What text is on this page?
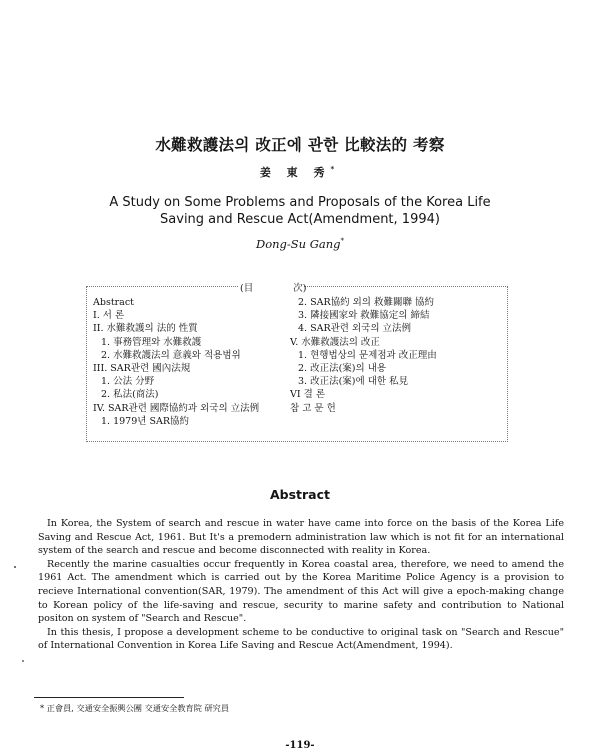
水難救護法의 改正에 관한 比較法的 考察
姜 東 秀*
A Study on Some Problems and Proposals of the Korea Life
Saving and Rescue Act(Amendment, 1994)
Dong-Su Gang*
(目	次)
Abstract
I. 서 론
II. 水難救護의 法的 性質
1. 事務管理와 水難救護
2. 水難救護法의 意義와 적용범위
III. SAR관련 國內法規
1. 公法 分野
2. 私法(商法)
IV. SAR관련 國際協約과 외국의 立法例
1. 1979년 SAR協約
2. SAR協約 외의 救難關聯 協約
3. 隣接國家와 救難協定의 締結
4. SAR관련 외국의 立法例
V. 水難救護法의 改正
1. 현행법상의 문제점과 改正理由
2. 改正法(案)의 내용
3. 改正法(案)에 대한 私見
VI 결 론
참 고 문 헌
Abstract

In Korea, the System of search and rescue in water have came into force on the basis of the Korea Life Saving and Rescue Act, 1961. But It's a premodern administration law which is not fit for an international system of the search and rescue and become disconnected with reality in Korea.

Recently the marine casualties occur frequently in Korea coastal area, therefore, we need to amend the 1961 Act. The amendment which is carried out by the Korea Maritime Police Agency is a provision to recieve International convention(SAR, 1979). The amendment of this Act will give a epoch-making change to Korean policy of the life-saving and rescue, security to marine safety and contribution to National positon on system of "Search and Rescue".

In this thesis, I propose a development scheme to be conductive to original task on "Search and Rescue" of International Convention in Korea Life Saving and Rescue Act(Amendment, 1994).

* 正會員, 交通安全振興公團 交通安全教育院 研究員
-119-
